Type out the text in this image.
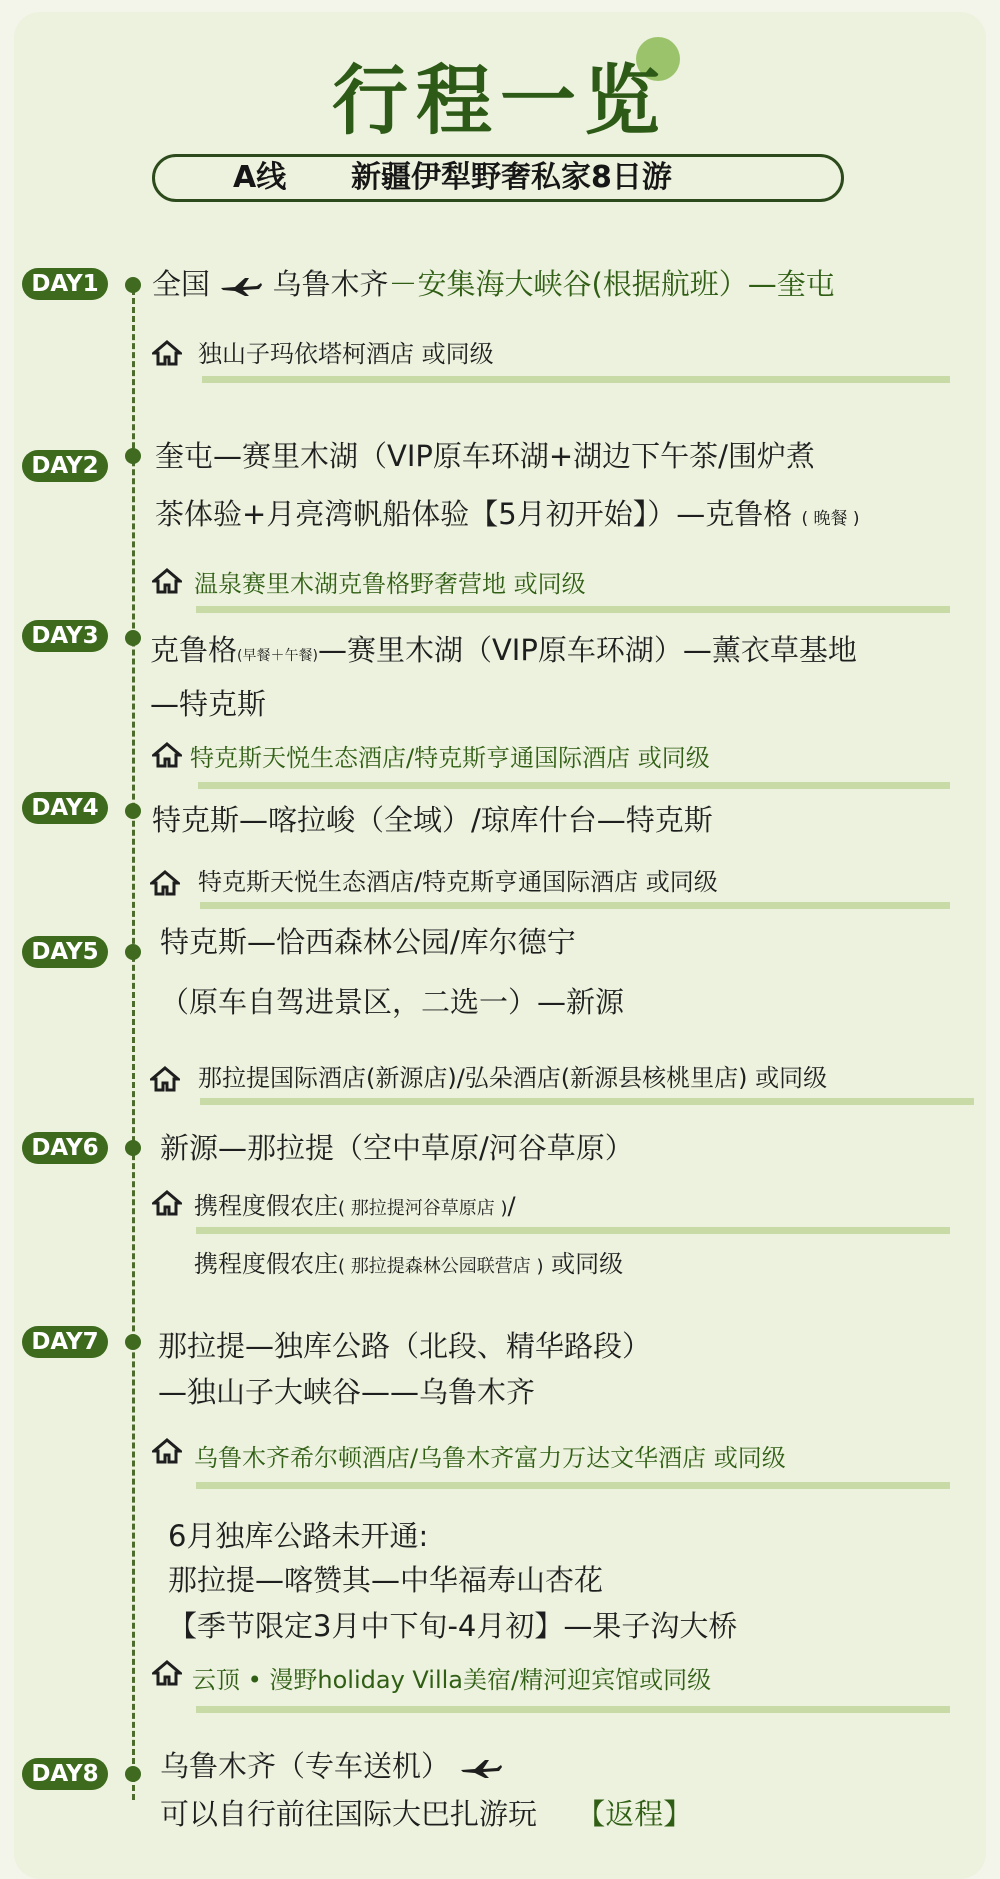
行程一览
A线 新疆伊犁野奢私家8日游
DAY1	全国 乌鲁木齐－安集海大峡谷(根据航班）—奎屯
独山子玛依塔柯酒店 或同级
DAY2	奎屯—赛里木湖（VIP原车环湖+湖边下午茶/围炉煮
茶体验+月亮湾帆船体验【5月初开始】）—克鲁格 ( 晚餐 )
温泉赛里木湖克鲁格野奢营地 或同级
DAY3	克鲁格(早餐＋午餐)—赛里木湖（VIP原车环湖）—薰衣草基地
—特克斯
特克斯天悦生态酒店/特克斯亨通国际酒店 或同级
DAY4	特克斯—喀拉峻（全域）/琼库什台—特克斯
特克斯天悦生态酒店/特克斯亨通国际酒店 或同级
DAY5	特克斯—恰西森林公园/库尔德宁
（原车自驾进景区，二选一）—新源
那拉提国际酒店(新源店)/弘朵酒店(新源县核桃里店) 或同级
DAY6	新源—那拉提（空中草原/河谷草原）
携程度假农庄( 那拉提河谷草原店 )/
携程度假农庄( 那拉提森林公园联营店 ) 或同级
DAY7	那拉提—独库公路（北段、精华路段）
—独山子大峡谷——乌鲁木齐
乌鲁木齐希尔顿酒店/乌鲁木齐富力万达文华酒店 或同级
6月独库公路未开通:
那拉提—喀赞其—中华福寿山杏花
【季节限定3月中下旬-4月初】—果子沟大桥
云顶 • 漫野holiday Villa美宿/精河迎宾馆或同级
DAY8	乌鲁木齐（专车送机）
可以自行前往国际大巴扎游玩 【返程】
